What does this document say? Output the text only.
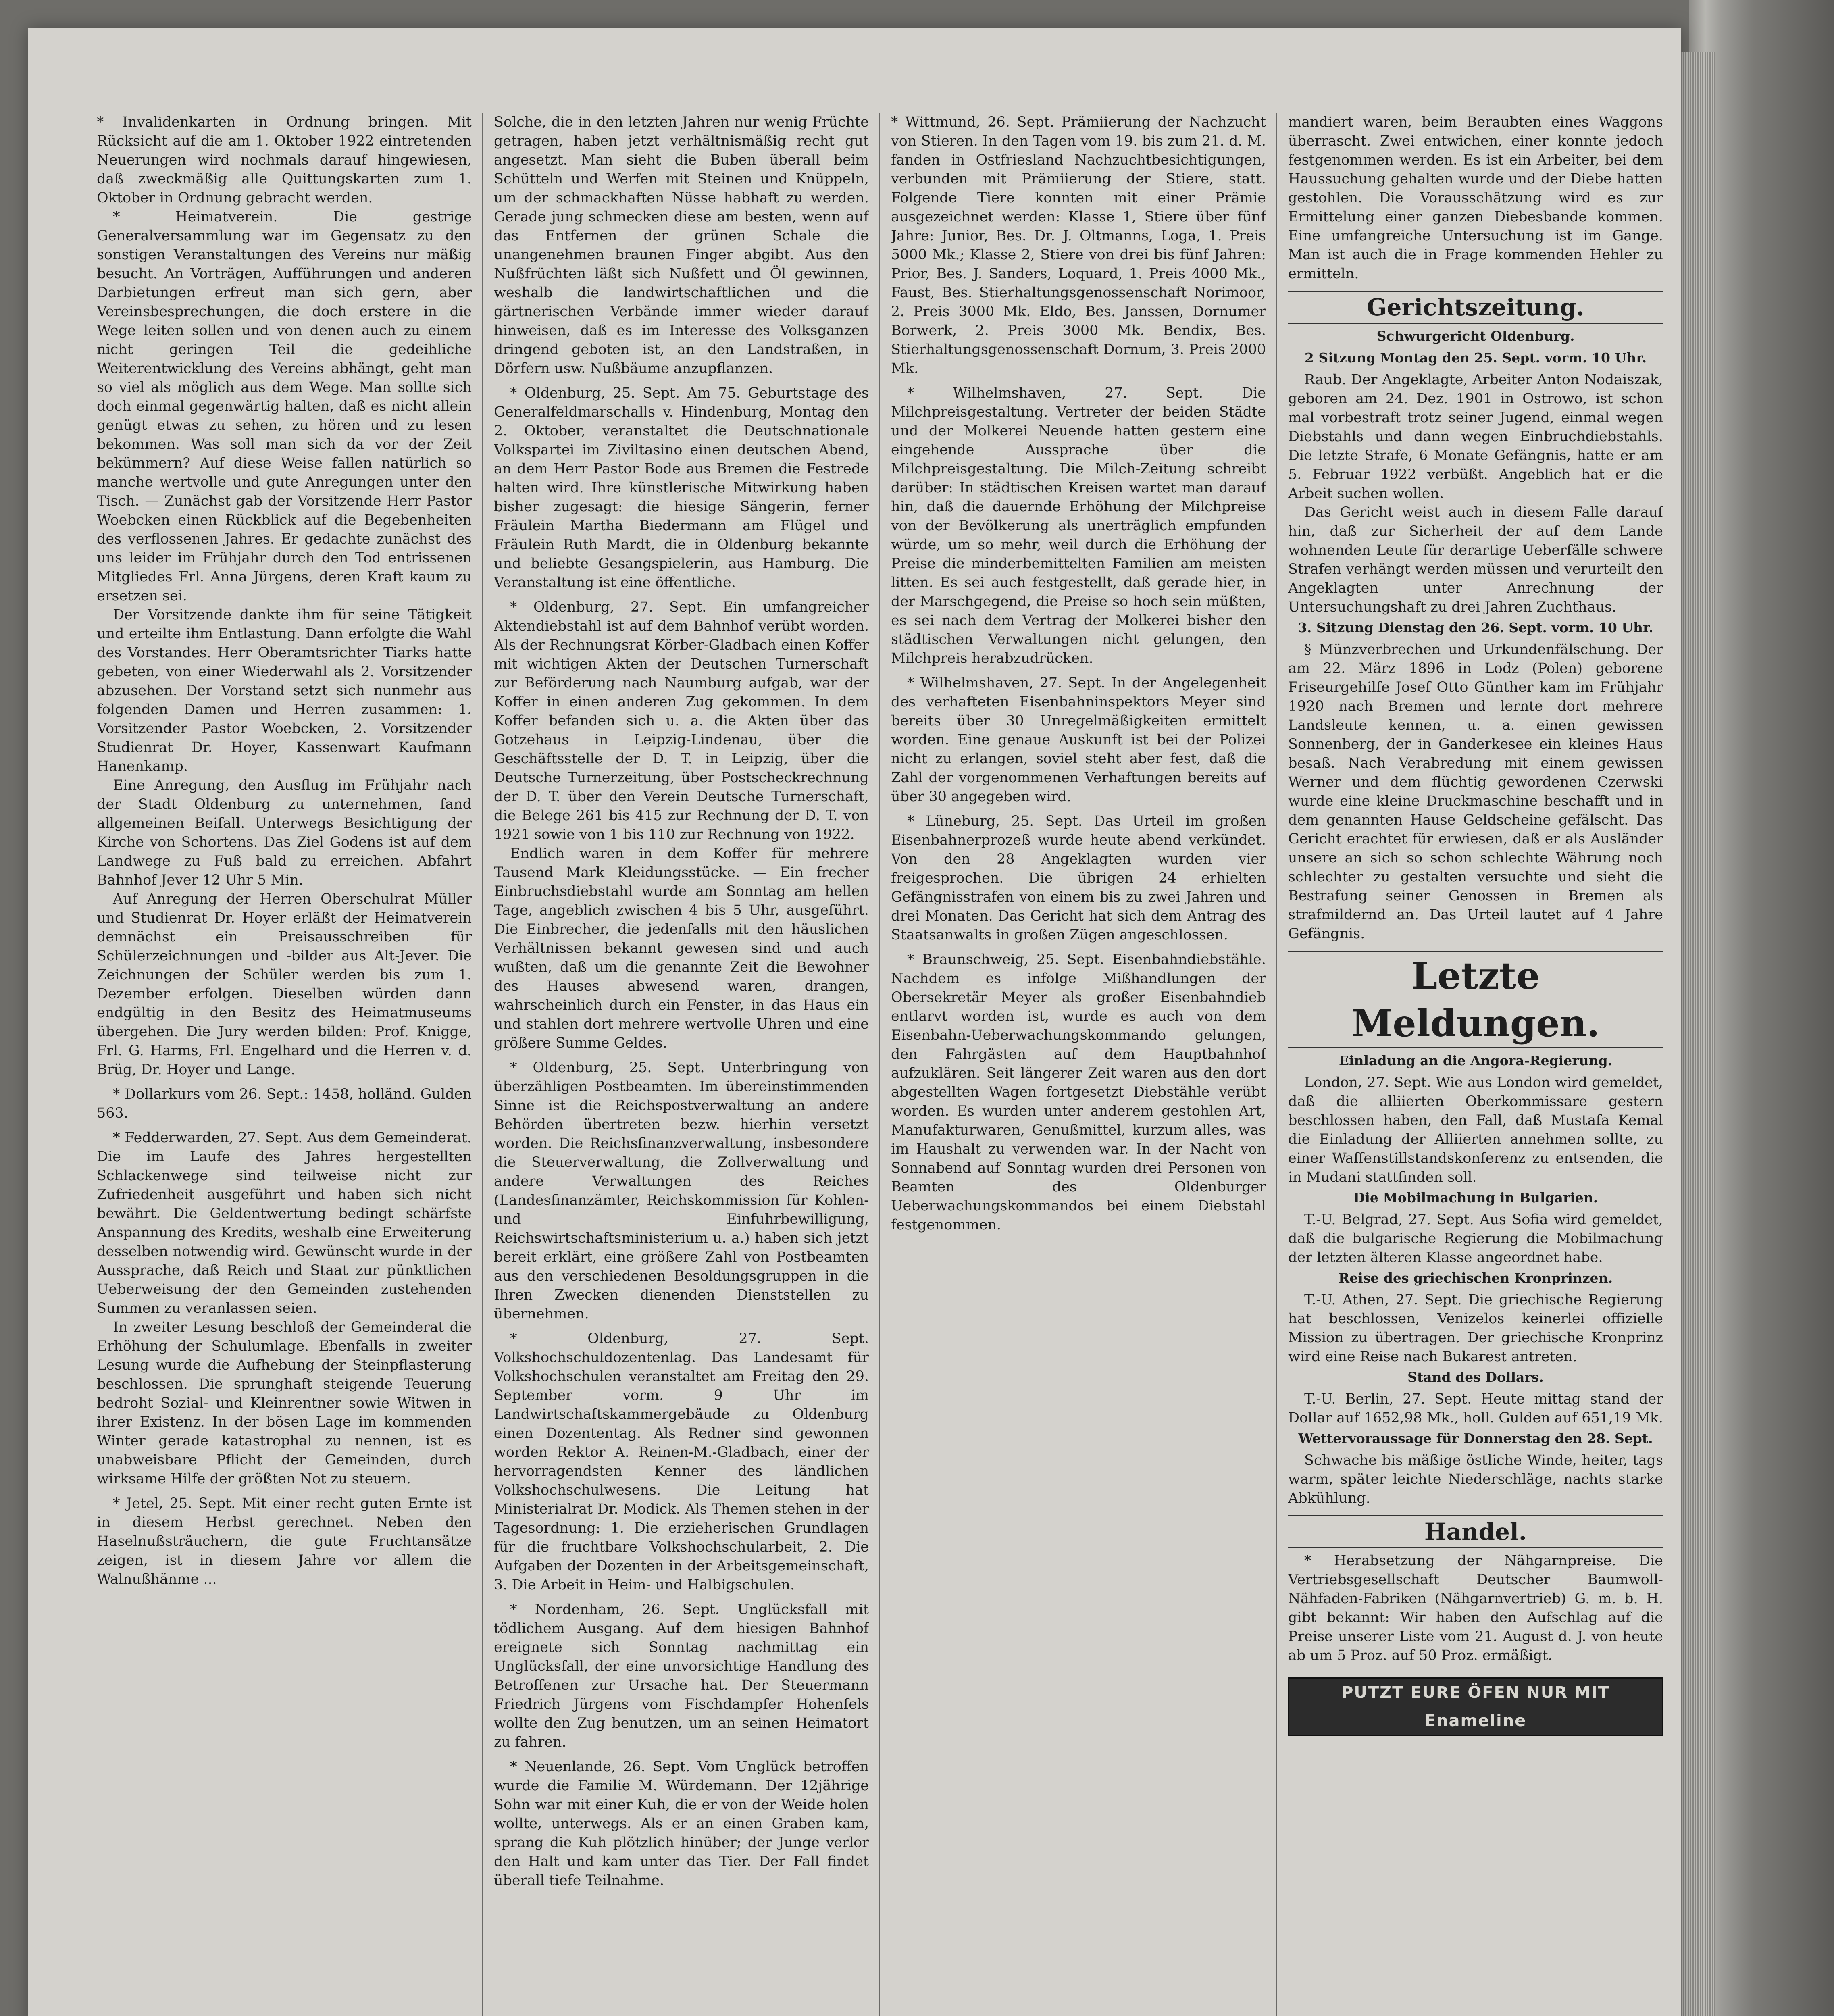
* Invalidenkarten in Ordnung bringen. Mit Rücksicht auf die am 1. Oktober 1922 eintretenden Neuerungen wird nochmals darauf hingewiesen, daß zweckmäßig alle Quittungskarten zum 1. Oktober in Ordnung gebracht werden.

* Heimatverein. Die gestrige Generalversammlung war im Gegensatz zu den sonstigen Veranstaltungen des Vereins nur mäßig besucht. An Vorträgen, Aufführungen und anderen Darbietungen erfreut man sich gern, aber Vereinsbesprechungen, die doch erstere in die Wege leiten sollen und von denen auch zu einem nicht geringen Teil die gedeihliche Weiterentwicklung des Vereins abhängt, geht man so viel als möglich aus dem Wege. Man sollte sich doch einmal gegenwärtig halten, daß es nicht allein genügt etwas zu sehen, zu hören und zu lesen bekommen. Was soll man sich da vor der Zeit bekümmern? Auf diese Weise fallen natürlich so manche wertvolle und gute Anregungen unter den Tisch. — Zunächst gab der Vorsitzende Herr Pastor Woebcken einen Rückblick auf die Begebenheiten des verflossenen Jahres. Er gedachte zunächst des uns leider im Frühjahr durch den Tod entrissenen Mitgliedes Frl. Anna Jürgens, deren Kraft kaum zu ersetzen sei.

Der Vorsitzende dankte ihm für seine Tätigkeit und erteilte ihm Entlastung. Dann erfolgte die Wahl des Vorstandes. Herr Oberamtsrichter Tiarks hatte gebeten, von einer Wiederwahl als 2. Vorsitzender abzusehen. Der Vorstand setzt sich nunmehr aus folgenden Damen und Herren zusammen: 1. Vorsitzender Pastor Woebcken, 2. Vorsitzender Studienrat Dr. Hoyer, Kassenwart Kaufmann Hanenkamp.

Eine Anregung, den Ausflug im Frühjahr nach der Stadt Oldenburg zu unternehmen, fand allgemeinen Beifall. Unterwegs Besichtigung der Kirche von Schortens. Das Ziel Godens ist auf dem Landwege zu Fuß bald zu erreichen. Abfahrt Bahnhof Jever 12 Uhr 5 Min.

Auf Anregung der Herren Oberschulrat Müller und Studienrat Dr. Hoyer erläßt der Heimatverein demnächst ein Preisausschreiben für Schülerzeichnungen und -bilder aus Alt-Jever. Die Zeichnungen der Schüler werden bis zum 1. Dezember erfolgen. Dieselben würden dann endgültig in den Besitz des Heimatmuseums übergehen. Die Jury werden bilden: Prof. Knigge, Frl. G. Harms, Frl. Engelhard und die Herren v. d. Brüg, Dr. Hoyer und Lange.

* Dollarkurs vom 26. Sept.: 1458, holländ. Gulden 563.

* Fedderwarden, 27. Sept. Aus dem Gemeinderat. Die im Laufe des Jahres hergestellten Schlackenwege sind teilweise nicht zur Zufriedenheit ausgeführt und haben sich nicht bewährt. Die Geldentwertung bedingt schärfste Anspannung des Kredits, weshalb eine Erweiterung desselben notwendig wird. Gewünscht wurde in der Aussprache, daß Reich und Staat zur pünktlichen Ueberweisung der den Gemeinden zustehenden Summen zu veranlassen seien.

In zweiter Lesung beschloß der Gemeinderat die Erhöhung der Schulumlage. Ebenfalls in zweiter Lesung wurde die Aufhebung der Steinpflasterung beschlossen. Die sprunghaft steigende Teuerung bedroht Sozial- und Kleinrentner sowie Witwen in ihrer Existenz. In der bösen Lage im kommenden Winter gerade katastrophal zu nennen, ist es unabweisbare Pflicht der Gemeinden, durch wirksame Hilfe der größten Not zu steuern.

* Jetel, 25. Sept. Mit einer recht guten Ernte ist in diesem Herbst gerechnet. Neben den Haselnußsträuchern, die gute Fruchtansätze zeigen, ist in diesem Jahre vor allem die Walnußhänme ...

Solche, die in den letzten Jahren nur wenig Früchte getragen, haben jetzt verhältnismäßig recht gut angesetzt. Man sieht die Buben überall beim Schütteln und Werfen mit Steinen und Knüppeln, um der schmackhaften Nüsse habhaft zu werden. Gerade jung schmecken diese am besten, wenn auf das Entfernen der grünen Schale die unangenehmen braunen Finger abgibt. Aus den Nußfrüchten läßt sich Nußfett und Öl gewinnen, weshalb die landwirtschaftlichen und die gärtnerischen Verbände immer wieder darauf hinweisen, daß es im Interesse des Volksganzen dringend geboten ist, an den Landstraßen, in Dörfern usw. Nußbäume anzupflanzen.

* Oldenburg, 25. Sept. Am 75. Geburtstage des Generalfeldmarschalls v. Hindenburg, Montag den 2. Oktober, veranstaltet die Deutschnationale Volkspartei im Ziviltasino einen deutschen Abend, an dem Herr Pastor Bode aus Bremen die Festrede halten wird. Ihre künstlerische Mitwirkung haben bisher zugesagt: die hiesige Sängerin, ferner Fräulein Martha Biedermann am Flügel und Fräulein Ruth Mardt, die in Oldenburg bekannte und beliebte Gesangspielerin, aus Hamburg. Die Veranstaltung ist eine öffentliche.

* Oldenburg, 27. Sept. Ein umfangreicher Aktendiebstahl ist auf dem Bahnhof verübt worden. Als der Rechnungsrat Körber-Gladbach einen Koffer mit wichtigen Akten der Deutschen Turnerschaft zur Beförderung nach Naumburg aufgab, war der Koffer in einen anderen Zug gekommen. In dem Koffer befanden sich u. a. die Akten über das Gotzehaus in Leipzig-Lindenau, über die Geschäftsstelle der D. T. in Leipzig, über die Deutsche Turnerzeitung, über Postscheckrechnung der D. T. über den Verein Deutsche Turnerschaft, die Belege 261 bis 415 zur Rechnung der D. T. von 1921 sowie von 1 bis 110 zur Rechnung von 1922.

Endlich waren in dem Koffer für mehrere Tausend Mark Kleidungsstücke. — Ein frecher Einbruchsdiebstahl wurde am Sonntag am hellen Tage, angeblich zwischen 4 bis 5 Uhr, ausgeführt. Die Einbrecher, die jedenfalls mit den häuslichen Verhältnissen bekannt gewesen sind und auch wußten, daß um die genannte Zeit die Bewohner des Hauses abwesend waren, drangen, wahrscheinlich durch ein Fenster, in das Haus ein und stahlen dort mehrere wertvolle Uhren und eine größere Summe Geldes.

* Oldenburg, 25. Sept. Unterbringung von überzähligen Postbeamten. Im übereinstimmenden Sinne ist die Reichspostverwaltung an andere Behörden übertreten bezw. hierhin versetzt worden. Die Reichsfinanzverwaltung, insbesondere die Steuerverwaltung, die Zollverwaltung und andere Verwaltungen des Reiches (Landesfinanzämter, Reichskommission für Kohlen- und Einfuhrbewilligung, Reichswirtschaftsministerium u. a.) haben sich jetzt bereit erklärt, eine größere Zahl von Postbeamten aus den verschiedenen Besoldungsgruppen in die Ihren Zwecken dienenden Dienststellen zu übernehmen.

* Oldenburg, 27. Sept. Volkshochschuldozentenlag. Das Landesamt für Volkshochschulen veranstaltet am Freitag den 29. September vorm. 9 Uhr im Landwirtschaftskammergebäude zu Oldenburg einen Dozententag. Als Redner sind gewonnen worden Rektor A. Reinen-M.-Gladbach, einer der hervorragendsten Kenner des ländlichen Volkshochschulwesens. Die Leitung hat Ministerialrat Dr. Modick. Als Themen stehen in der Tagesordnung: 1. Die erzieherischen Grundlagen für die fruchtbare Volkshochschularbeit, 2. Die Aufgaben der Dozenten in der Arbeitsgemeinschaft, 3. Die Arbeit in Heim- und Halbigschulen.

* Nordenham, 26. Sept. Unglücksfall mit tödlichem Ausgang. Auf dem hiesigen Bahnhof ereignete sich Sonntag nachmittag ein Unglücksfall, der eine unvorsichtige Handlung des Betroffenen zur Ursache hat. Der Steuermann Friedrich Jürgens vom Fischdampfer Hohenfels wollte den Zug benutzen, um an seinen Heimatort zu fahren.

* Neuenlande, 26. Sept. Vom Unglück betroffen wurde die Familie M. Würdemann. Der 12jährige Sohn war mit einer Kuh, die er von der Weide holen wollte, unterwegs. Als er an einen Graben kam, sprang die Kuh plötzlich hinüber; der Junge verlor den Halt und kam unter das Tier. Der Fall findet überall tiefe Teilnahme.

* Wittmund, 26. Sept. Prämiierung der Nachzucht von Stieren. In den Tagen vom 19. bis zum 21. d. M. fanden in Ostfriesland Nachzuchtbesichtigungen, verbunden mit Prämiierung der Stiere, statt. Folgende Tiere konnten mit einer Prämie ausgezeichnet werden: Klasse 1, Stiere über fünf Jahre: Junior, Bes. Dr. J. Oltmanns, Loga, 1. Preis 5000 Mk.; Klasse 2, Stiere von drei bis fünf Jahren: Prior, Bes. J. Sanders, Loquard, 1. Preis 4000 Mk., Faust, Bes. Stierhaltungsgenossenschaft Norimoor, 2. Preis 3000 Mk. Eldo, Bes. Janssen, Dornumer Borwerk, 2. Preis 3000 Mk. Bendix, Bes. Stierhaltungsgenossenschaft Dornum, 3. Preis 2000 Mk.

* Wilhelmshaven, 27. Sept. Die Milchpreisgestaltung. Vertreter der beiden Städte und der Molkerei Neuende hatten gestern eine eingehende Aussprache über die Milchpreisgestaltung. Die Milch-Zeitung schreibt darüber: In städtischen Kreisen wartet man darauf hin, daß die dauernde Erhöhung der Milchpreise von der Bevölkerung als unerträglich empfunden würde, um so mehr, weil durch die Erhöhung der Preise die minderbemittelten Familien am meisten litten. Es sei auch festgestellt, daß gerade hier, in der Marschgegend, die Preise so hoch sein müßten, es sei nach dem Vertrag der Molkerei bisher den städtischen Verwaltungen nicht gelungen, den Milchpreis herabzudrücken.

* Wilhelmshaven, 27. Sept. In der Angelegenheit des verhafteten Eisenbahninspektors Meyer sind bereits über 30 Unregelmäßigkeiten ermittelt worden. Eine genaue Auskunft ist bei der Polizei nicht zu erlangen, soviel steht aber fest, daß die Zahl der vorgenommenen Verhaftungen bereits auf über 30 angegeben wird.

* Lüneburg, 25. Sept. Das Urteil im großen Eisenbahnerprozeß wurde heute abend verkündet. Von den 28 Angeklagten wurden vier freigesprochen. Die übrigen 24 erhielten Gefängnisstrafen von einem bis zu zwei Jahren und drei Monaten. Das Gericht hat sich dem Antrag des Staatsanwalts in großen Zügen angeschlossen.

* Braunschweig, 25. Sept. Eisenbahndiebstähle. Nachdem es infolge Mißhandlungen der Obersekretär Meyer als großer Eisenbahndieb entlarvt worden ist, wurde es auch von dem Eisenbahn-Ueberwachungskommando gelungen, den Fahrgästen auf dem Hauptbahnhof aufzuklären. Seit längerer Zeit waren aus den dort abgestellten Wagen fortgesetzt Diebstähle verübt worden. Es wurden unter anderem gestohlen Art, Manufakturwaren, Genußmittel, kurzum alles, was im Haushalt zu verwenden war. In der Nacht von Sonnabend auf Sonntag wurden drei Personen von Beamten des Oldenburger Ueberwachungskommandos bei einem Diebstahl festgenommen.

mandiert waren, beim Beraubten eines Waggons überrascht. Zwei entwichen, einer konnte jedoch festgenommen werden. Es ist ein Arbeiter, bei dem Haussuchung gehalten wurde und der Diebe hatten gestohlen. Die Vorausschätzung wird es zur Ermittelung einer ganzen Diebesbande kommen. Eine umfangreiche Untersuchung ist im Gange. Man ist auch die in Frage kommenden Hehler zu ermitteln.

Gerichtszeitung.
Schwurgericht Oldenburg.
2 Sitzung Montag den 25. Sept. vorm. 10 Uhr.

Raub. Der Angeklagte, Arbeiter Anton Nodaiszak, geboren am 24. Dez. 1901 in Ostrowo, ist schon mal vorbestraft trotz seiner Jugend, einmal wegen Diebstahls und dann wegen Einbruchdiebstahls. Die letzte Strafe, 6 Monate Gefängnis, hatte er am 5. Februar 1922 verbüßt. Angeblich hat er die Arbeit suchen wollen.

Das Gericht weist auch in diesem Falle darauf hin, daß zur Sicherheit der auf dem Lande wohnenden Leute für derartige Ueberfälle schwere Strafen verhängt werden müssen und verurteilt den Angeklagten unter Anrechnung der Untersuchungshaft zu drei Jahren Zuchthaus.

3. Sitzung Dienstag den 26. Sept. vorm. 10 Uhr.

§ Münzverbrechen und Urkundenfälschung. Der am 22. März 1896 in Lodz (Polen) geborene Friseurgehilfe Josef Otto Günther kam im Frühjahr 1920 nach Bremen und lernte dort mehrere Landsleute kennen, u. a. einen gewissen Sonnenberg, der in Ganderkesee ein kleines Haus besaß. Nach Verabredung mit einem gewissen Werner und dem flüchtig gewordenen Czerwski wurde eine kleine Druckmaschine beschafft und in dem genannten Hause Geldscheine gefälscht. Das Gericht erachtet für erwiesen, daß er als Ausländer unsere an sich so schon schlechte Währung noch schlechter zu gestalten versuchte und sieht die Bestrafung seiner Genossen in Bremen als strafmildernd an. Das Urteil lautet auf 4 Jahre Gefängnis.

Letzte Meldungen.
Einladung an die Angora-Regierung.

London, 27. Sept. Wie aus London wird gemeldet, daß die alliierten Oberkommissare gestern beschlossen haben, den Fall, daß Mustafa Kemal die Einladung der Alliierten annehmen sollte, zu einer Waffenstillstandskonferenz zu entsenden, die in Mudani stattfinden soll.

Die Mobilmachung in Bulgarien.

T.-U. Belgrad, 27. Sept. Aus Sofia wird gemeldet, daß die bulgarische Regierung die Mobilmachung der letzten älteren Klasse angeordnet habe.

Reise des griechischen Kronprinzen.

T.-U. Athen, 27. Sept. Die griechische Regierung hat beschlossen, Venizelos keinerlei offizielle Mission zu übertragen. Der griechische Kronprinz wird eine Reise nach Bukarest antreten.

Stand des Dollars.

T.-U. Berlin, 27. Sept. Heute mittag stand der Dollar auf 1652,98 Mk., holl. Gulden auf 651,19 Mk.

Wettervoraussage für Donnerstag den 28. Sept.

Schwache bis mäßige östliche Winde, heiter, tags warm, später leichte Niederschläge, nachts starke Abkühlung.

Handel.

* Herabsetzung der Nähgarnpreise. Die Vertriebsgesellschaft Deutscher Baumwoll-Nähfaden-Fabriken (Nähgarnvertrieb) G. m. b. H. gibt bekannt: Wir haben den Aufschlag auf die Preise unserer Liste vom 21. August d. J. von heute ab um 5 Proz. auf 50 Proz. ermäßigt.

PUTZT EURE ÖFEN NUR MIT Enameline
